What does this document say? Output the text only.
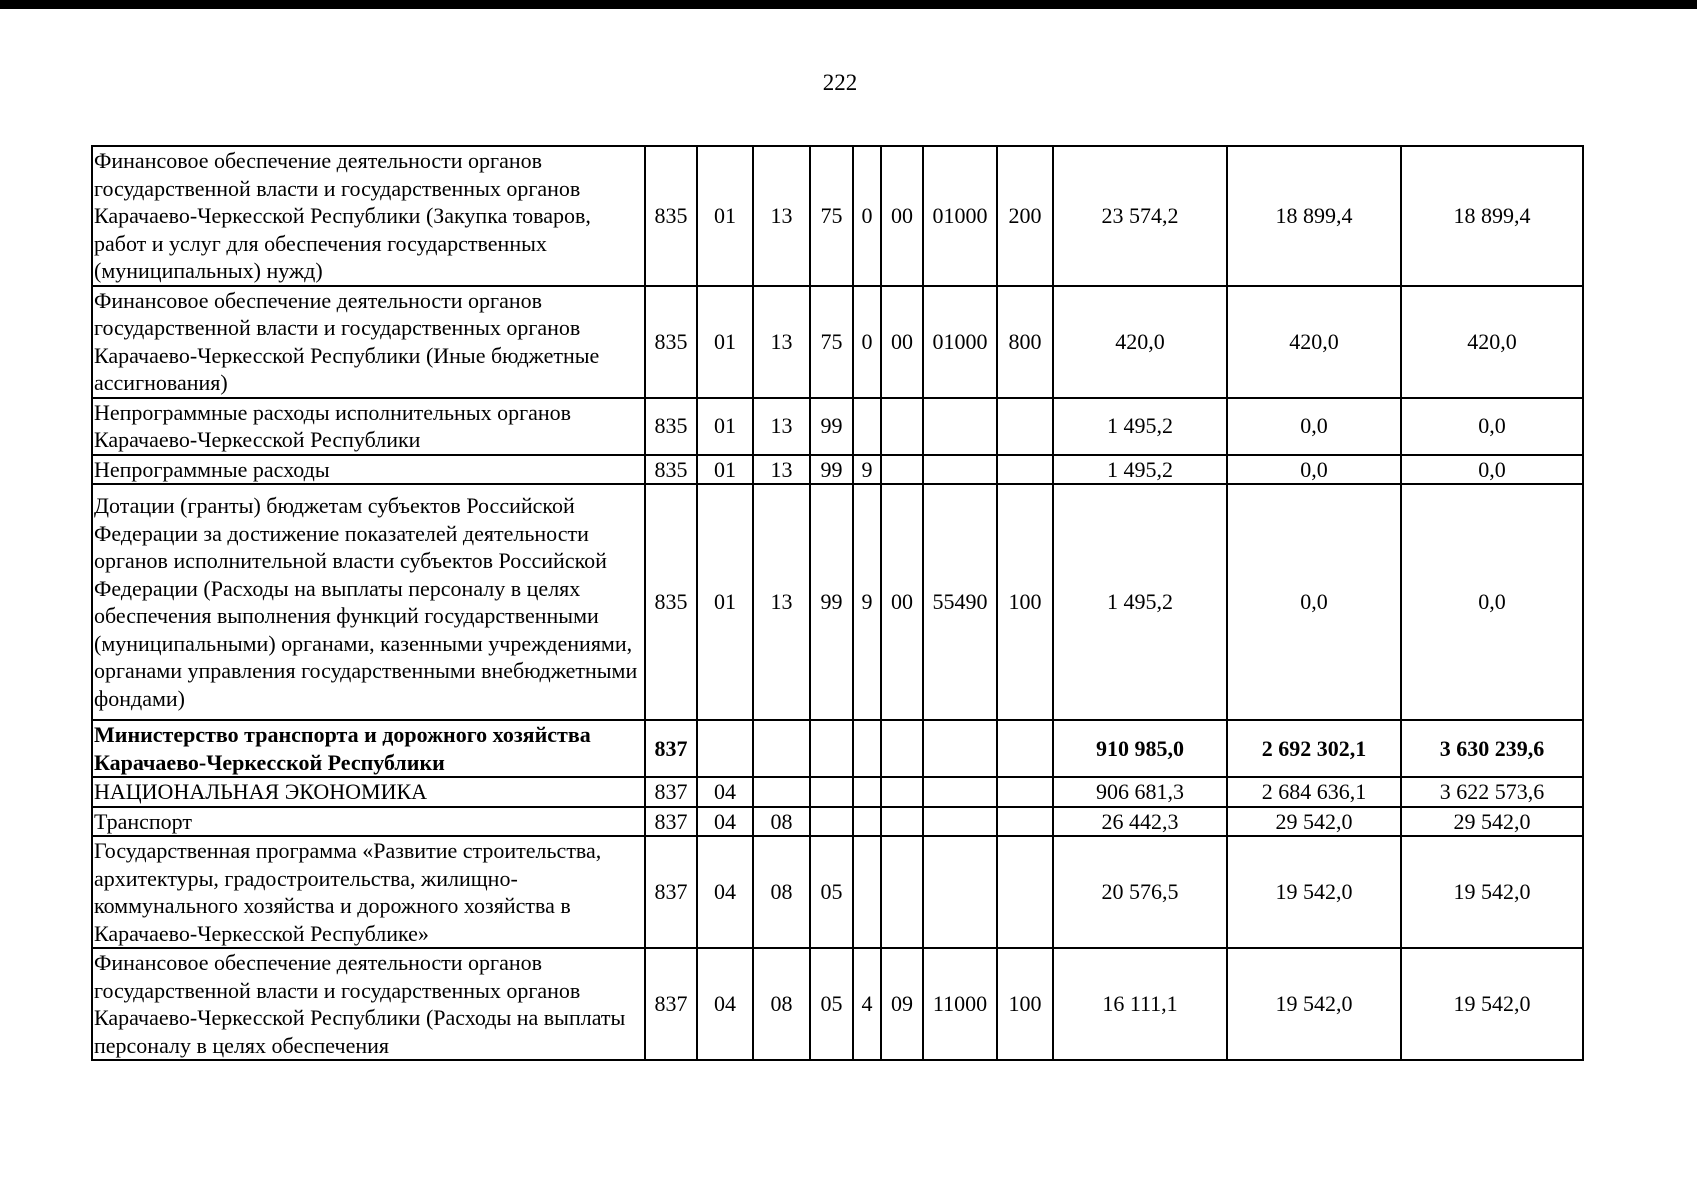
222
Финансовое обеспечение деятельности органов государственной власти и государственных органов Карачаево-Черкесской Республики (Закупка товаров, работ и услуг для обеспечения государственных (муниципальных) нужд)	835	01	13	75	0	00	01000	200	23 574,2	18 899,4	18 899,4
Финансовое обеспечение деятельности органов государственной власти и государственных органов Карачаево-Черкесской Республики (Иные бюджетные ассигнования)	835	01	13	75	0	00	01000	800	420,0	420,0	420,0
Непрограммные расходы исполнительных органов Карачаево-Черкесской Республики	835	01	13	99					1 495,2	0,0	0,0
Непрограммные расходы	835	01	13	99	9				1 495,2	0,0	0,0
Дотации (гранты) бюджетам субъектов Российской Федерации за достижение показателей деятельности органов исполнительной власти субъектов Российской Федерации (Расходы на выплаты персоналу в целях обеспечения выполнения функций государственными (муниципальными) органами, казенными учреждениями, органами управления государственными внебюджетными фондами)	835	01	13	99	9	00	55490	100	1 495,2	0,0	0,0
Министерство транспорта и дорожного хозяйства Карачаево-Черкесской Республики	837								910 985,0	2 692 302,1	3 630 239,6
НАЦИОНАЛЬНАЯ ЭКОНОМИКА	837	04							906 681,3	2 684 636,1	3 622 573,6
Транспорт	837	04	08						26 442,3	29 542,0	29 542,0
Государственная программа «Развитие строительства, архитектуры, градостроительства, жилищно-коммунального хозяйства и дорожного хозяйства в Карачаево-Черкесской Республике»	837	04	08	05					20 576,5	19 542,0	19 542,0
Финансовое обеспечение деятельности органов государственной власти и государственных органов Карачаево-Черкесской Республики (Расходы на выплаты персоналу в целях обеспечения	837	04	08	05	4	09	11000	100	16 111,1	19 542,0	19 542,0
